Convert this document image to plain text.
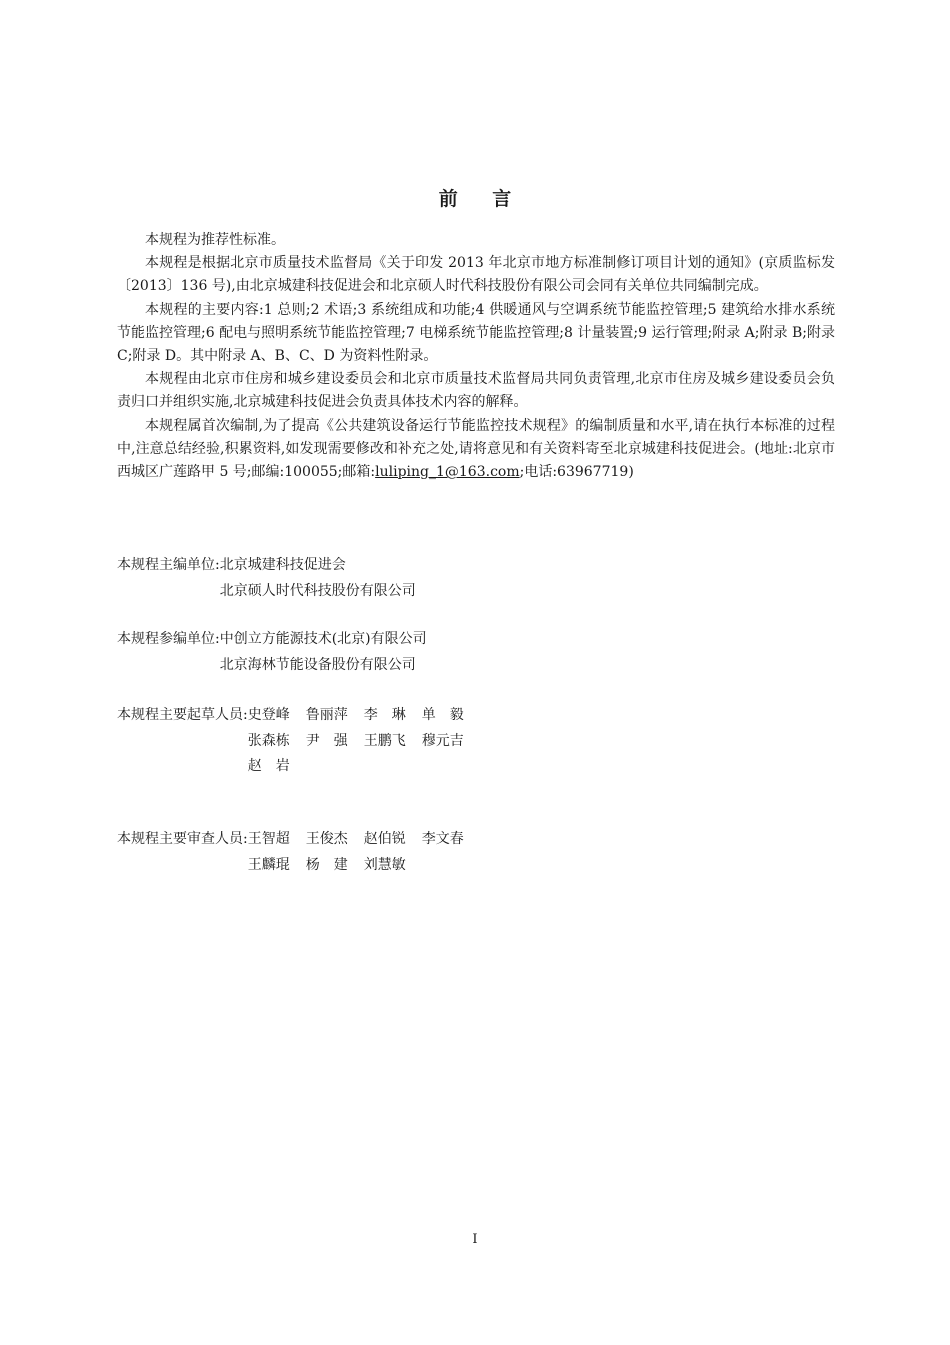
前 言

本规程为推荐性标准。

本规程是根据北京市质量技术监督局《关于印发 2013 年北京市地方标准制修订项目计划的通知》(京质监标发〔2013〕136 号),由北京城建科技促进会和北京硕人时代科技股份有限公司会同有关单位共同编制完成。

本规程的主要内容:1 总则;2 术语;3 系统组成和功能;4 供暖通风与空调系统节能监控管理;5 建筑给水排水系统节能监控管理;6 配电与照明系统节能监控管理;7 电梯系统节能监控管理;8 计量装置;9 运行管理;附录 A;附录 B;附录 C;附录 D。其中附录 A、B、C、D 为资料性附录。

本规程由北京市住房和城乡建设委员会和北京市质量技术监督局共同负责管理,北京市住房及城乡建设委员会负责归口并组织实施,北京城建科技促进会负责具体技术内容的解释。

本规程属首次编制,为了提高《公共建筑设备运行节能监控技术规程》的编制质量和水平,请在执行本标准的过程中,注意总结经验,积累资料,如发现需要修改和补充之处,请将意见和有关资料寄至北京城建科技促进会。(地址:北京市西城区广莲路甲 5 号;邮编:100055;邮箱:luliping_1@163.com;电话:63967719)

本规程主编单位: 北京城建科技促进会
北京硕人时代科技股份有限公司
本规程参编单位: 中创立方能源技术(北京)有限公司
北京海林节能设备股份有限公司
本规程主要起草人员: 史登峰	鲁丽萍	李琳 单毅
张森栋	尹强 王鹏飞	穆元吉
赵岩
本规程主要审查人员: 王智超	王俊杰	赵伯锐	李文春
王麟琨	杨建 刘慧敏
I
